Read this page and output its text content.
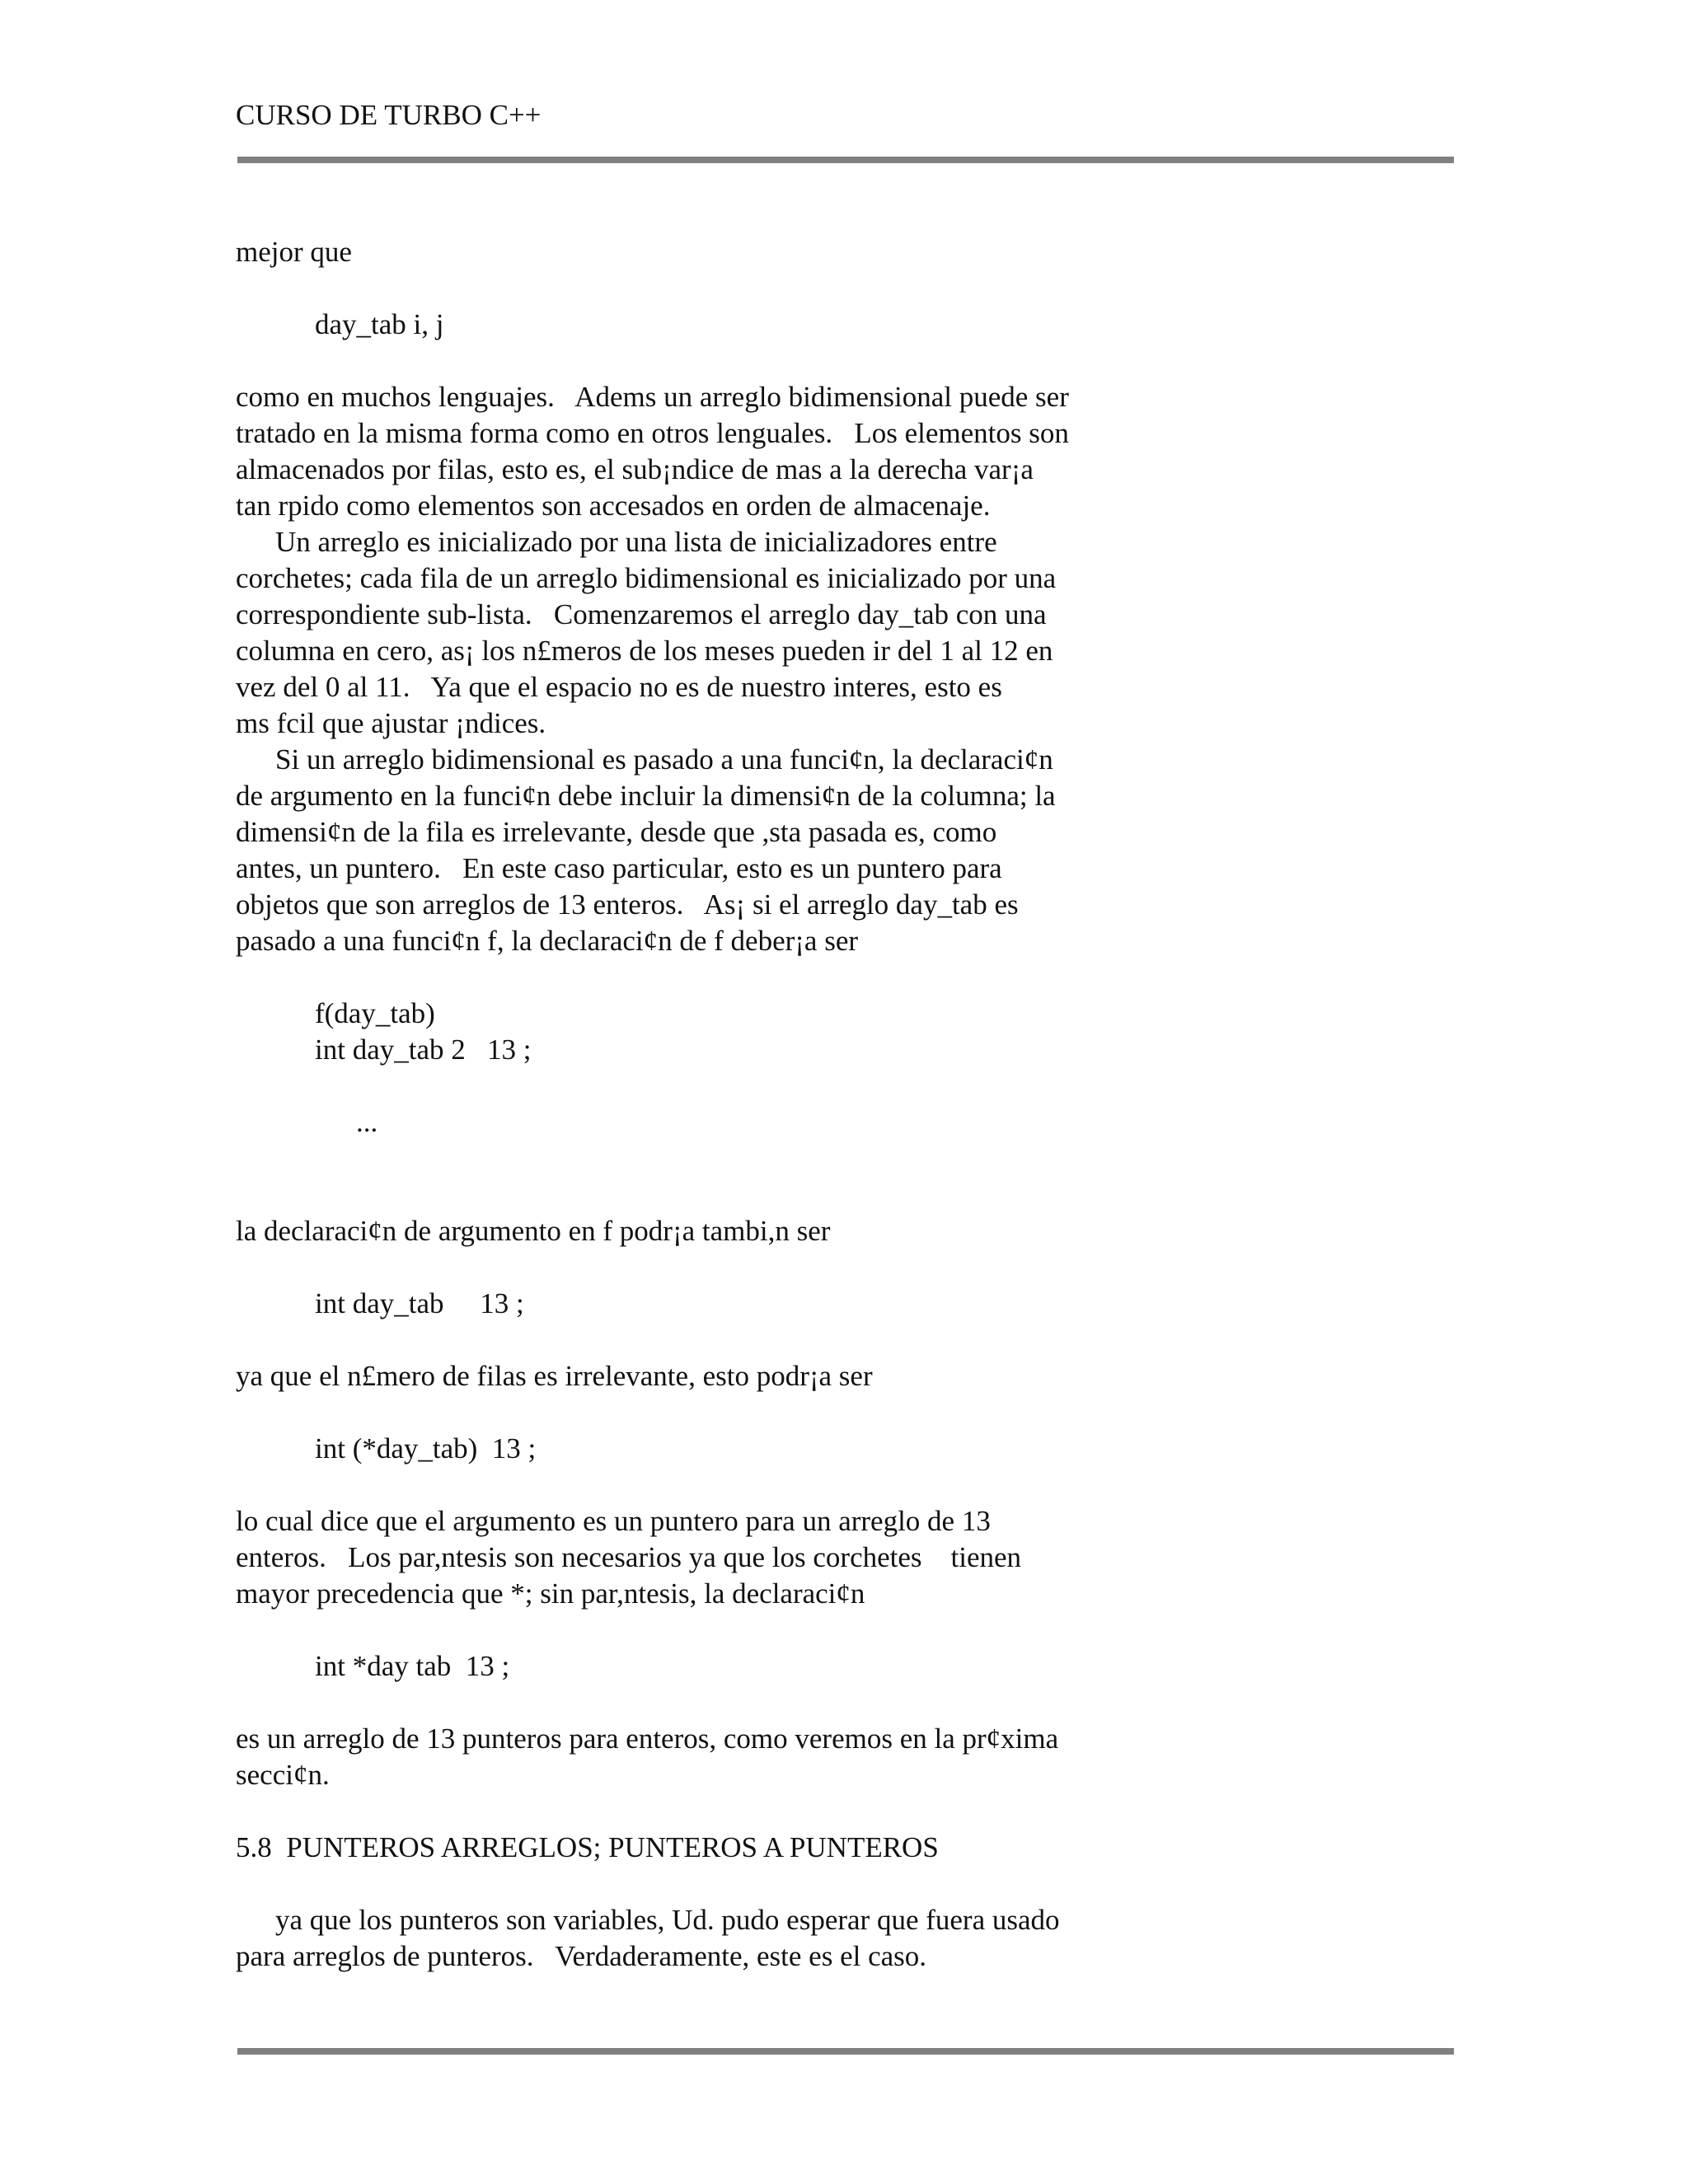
CURSO DE TURBO C++
mejor que
day_tab i, j
como en muchos lenguajes.   Adems un arreglo bidimensional puede ser
tratado en la misma forma como en otros lenguales.   Los elementos son
almacenados por filas, esto es, el sub¡ndice de mas a la derecha var¡a
tan rpido como elementos son accesados en orden de almacenaje.
Un arreglo es inicializado por una lista de inicializadores entre
corchetes; cada fila de un arreglo bidimensional es inicializado por una
correspondiente sub-lista.   Comenzaremos el arreglo day_tab con una
columna en cero, as¡ los n£meros de los meses pueden ir del 1 al 12 en
vez del 0 al 11.   Ya que el espacio no es de nuestro interes, esto es
ms fcil que ajustar ¡ndices.
Si un arreglo bidimensional es pasado a una funci¢n, la declaraci¢n
de argumento en la funci¢n debe incluir la dimensi¢n de la columna; la
dimensi¢n de la fila es irrelevante, desde que ,sta pasada es, como
antes, un puntero.   En este caso particular, esto es un puntero para
objetos que son arreglos de 13 enteros.   As¡ si el arreglo day_tab es
pasado a una funci¢n f, la declaraci¢n de f deber¡a ser
f(day_tab)
int day_tab 2   13 ;
...
la declaraci¢n de argumento en f podr¡a tambi,n ser
int day_tab     13 ;
ya que el n£mero de filas es irrelevante, esto podr¡a ser
int (*day_tab)  13 ;
lo cual dice que el argumento es un puntero para un arreglo de 13
enteros.   Los par,ntesis son necesarios ya que los corchetes    tienen
mayor precedencia que *; sin par,ntesis, la declaraci¢n
int *day tab  13 ;
es un arreglo de 13 punteros para enteros, como veremos en la pr¢xima
secci¢n.
5.8  PUNTEROS ARREGLOS; PUNTEROS A PUNTEROS
ya que los punteros son variables, Ud. pudo esperar que fuera usado
para arreglos de punteros.   Verdaderamente, este es el caso.
